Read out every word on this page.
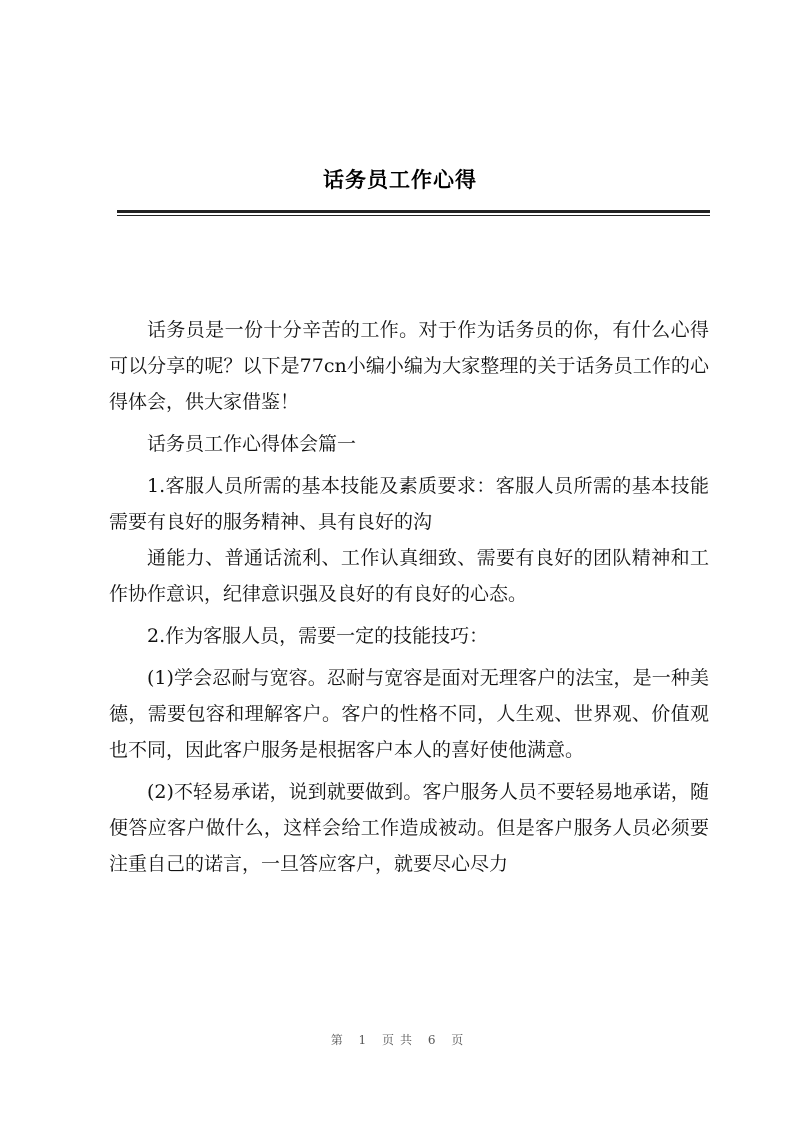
话务员工作心得

话务员是一份十分辛苦的工作。对于作为话务员的你，有什么心得可以分享的呢？以下是77cn小编小编为大家整理的关于话务员工作的心得体会，供大家借鉴！

话务员工作心得体会篇一

1.客服人员所需的基本技能及素质要求：客服人员所需的基本技能需要有良好的服务精神、具有良好的沟

通能力、普通话流利、工作认真细致、需要有良好的团队精神和工作协作意识，纪律意识强及良好的有良好的心态。

2.作为客服人员，需要一定的技能技巧：

(1)学会忍耐与宽容。忍耐与宽容是面对无理客户的法宝，是一种美德，需要包容和理解客户。客户的性格不同，人生观、世界观、价值观也不同，因此客户服务是根据客户本人的喜好使他满意。

(2)不轻易承诺，说到就要做到。客户服务人员不要轻易地承诺，随便答应客户做什么，这样会给工作造成被动。但是客户服务人员必须要注重自己的诺言，一旦答应客户，就要尽心尽力

第 1 页共 6 页
